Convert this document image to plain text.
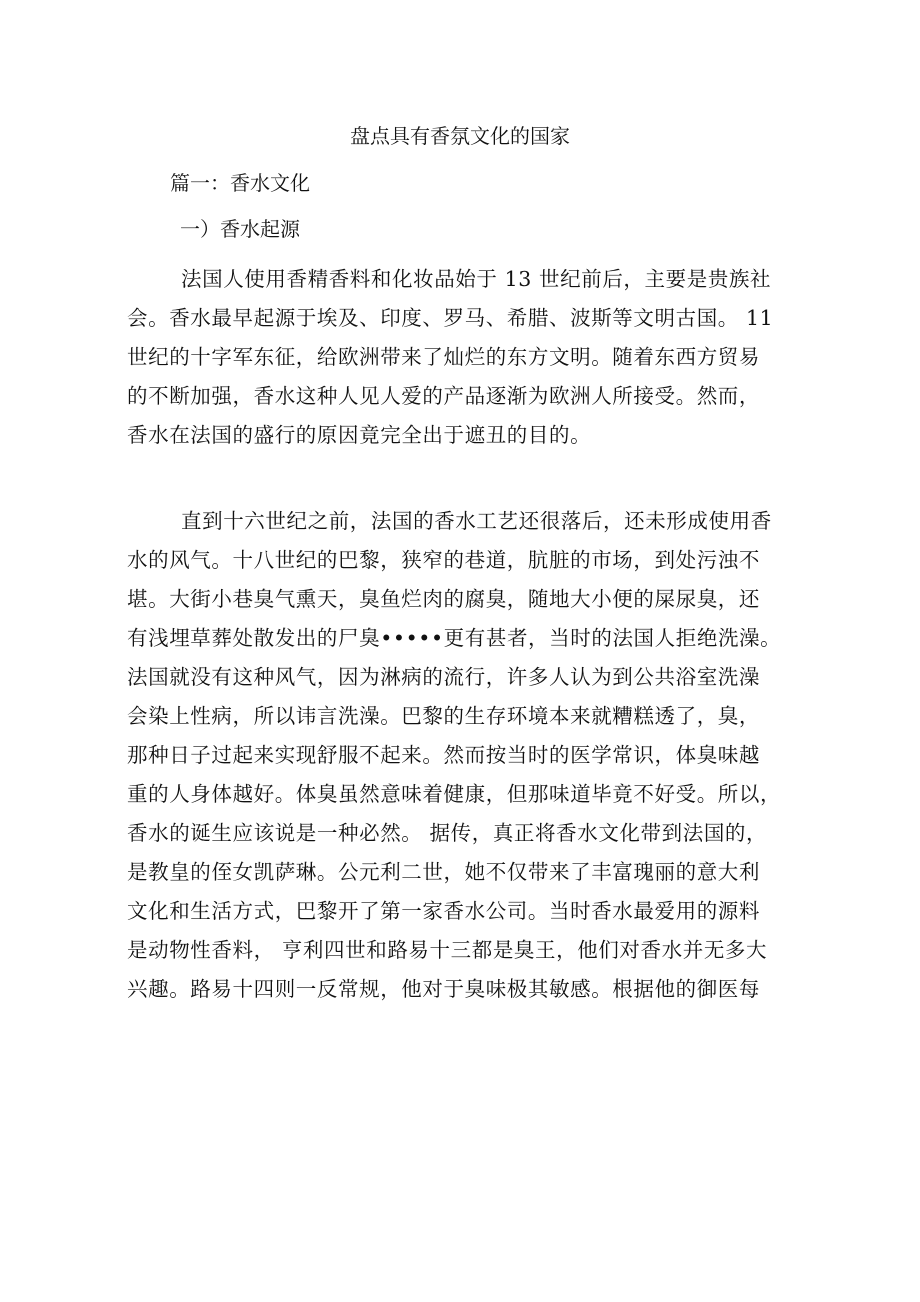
盘点具有香氛文化的国家
篇一：香水文化
一）香水起源
法国人使用香精香料和化妆品始于 13 世纪前后，主要是贵族社
会。香水最早起源于埃及、印度、罗马、希腊、波斯等文明古国。 11
世纪的十字军东征，给欧洲带来了灿烂的东方文明。随着东西方贸易
的不断加强，香水这种人见人爱的产品逐渐为欧洲人所接受。然而，
香水在法国的盛行的原因竟完全出于遮丑的目的。
直到十六世纪之前，法国的香水工艺还很落后，还未形成使用香
水的风气。十八世纪的巴黎，狭窄的巷道，肮脏的市场，到处污浊不
堪。大街小巷臭气熏天，臭鱼烂肉的腐臭，随地大小便的屎尿臭，还
有浅埋草葬处散发出的尸臭•••••更有甚者，当时的法国人拒绝洗澡。
法国就没有这种风气，因为淋病的流行，许多人认为到公共浴室洗澡
会染上性病，所以讳言洗澡。巴黎的生存环境本来就糟糕透了，臭，
那种日子过起来实现舒服不起来。然而按当时的医学常识，体臭味越
重的人身体越好。体臭虽然意味着健康，但那味道毕竟不好受。所以，
香水的诞生应该说是一种必然。 据传，真正将香水文化带到法国的，
是教皇的侄女凯萨琳。公元利二世，她不仅带来了丰富瑰丽的意大利
文化和生活方式，巴黎开了第一家香水公司。当时香水最爱用的源料
是动物性香料， 亨利四世和路易十三都是臭王，他们对香水并无多大
兴趣。路易十四则一反常规，他对于臭味极其敏感。根据他的御医每
